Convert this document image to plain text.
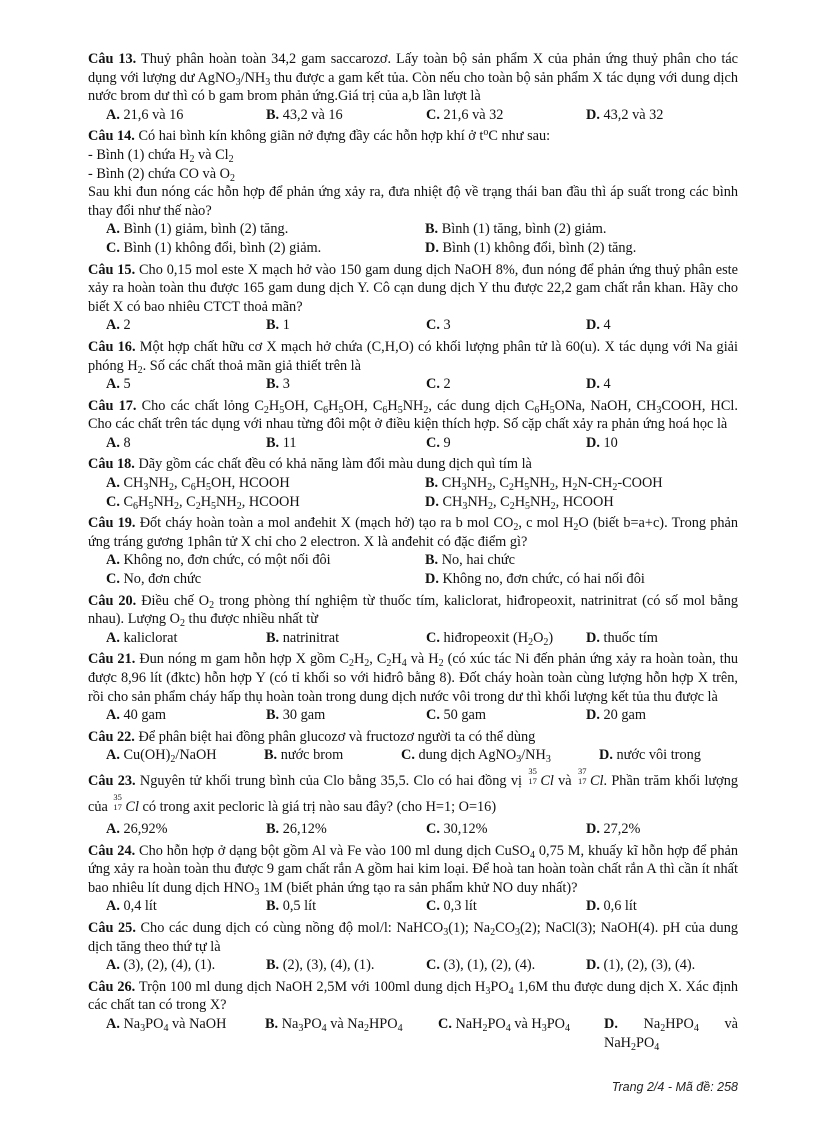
Câu 13. Thuỷ phân hoàn toàn 34,2 gam saccarozơ. Lấy toàn bộ sản phẩm X của phản ứng thuỷ phân cho tác dụng với lượng dư $AgNO_3/NH_3$ thu được a gam kết tủa. Còn nếu cho toàn bộ sản phẩm X tác dụng với dung dịch nước brom dư thì có b gam brom phản ứng.Giá trị của a,b lần lượt là

A. 21,6 và 16	B. 43,2 và 16	C. 21,6 và 32	D. 43,2 và 32

Câu 14. Có hai bình kín không giãn nở đựng đầy các hỗn hợp khí ở $t^oC$ như sau:

- Bình (1) chứa $H_2$ và $Cl_2$

- Bình (2) chứa CO và $O_2$

Sau khi đun nóng các hỗn hợp để phản ứng xảy ra, đưa nhiệt độ về trạng thái ban đầu thì áp suất trong các bình thay đổi như thế nào?

A. Bình (1) giảm, bình (2) tăng.	B. Bình (1) tăng, bình (2) giảm.
C. Bình (1) không đổi, bình (2) giảm.	D. Bình (1) không đổi, bình (2) tăng.

Câu 15. Cho 0,15 mol este X mạch hở vào 150 gam dung dịch NaOH 8%, đun nóng để phản ứng thuỷ phân este xảy ra hoàn toàn thu được 165 gam dung dịch Y. Cô cạn dung dịch Y thu được 22,2 gam chất rắn khan. Hãy cho biết X có bao nhiêu CTCT thoả mãn?

A. 2	B. 1	C. 3	D. 4

Câu 16. Một hợp chất hữu cơ X mạch hở chứa (C,H,O) có khối lượng phân tử là 60(u). X tác dụng với Na giải phóng $H_2$. Số các chất thoả mãn giả thiết trên là

A. 5	B. 3	C. 2	D. 4

Câu 17. Cho các chất lỏng $C_2H_5OH$, $C_6H_5OH$, $C_6H_5NH_2$, các dung dịch $C_6H_5ONa$, NaOH, $CH_3COOH$, HCl. Cho các chất trên tác dụng với nhau từng đôi một ở điều kiện thích hợp. Số cặp chất xảy ra phản ứng hoá học là

A. 8	B. 11	C. 9	D. 10

Câu 18. Dãy gồm các chất đều có khả năng làm đổi màu dung dịch quì tím là

A. $CH_3NH_2$, $C_6H_5OH$, HCOOH	B. $CH_3NH_2$, $C_2H_5NH_2$, $H_2N-CH_2$-COOH
C. $C_6H_5NH_2$, $C_2H_5NH_2$, HCOOH	D. $CH_3NH_2$, $C_2H_5NH_2$, HCOOH

Câu 19. Đốt cháy hoàn toàn a mol anđehit X (mạch hở) tạo ra b mol $CO_2$, c mol $H_2O$ (biết b=a+c). Trong phản ứng tráng gương 1phân tử X chỉ cho 2 electron. X là anđehit có đặc điểm gì?

A. Không no, đơn chức, có một nối đôi	B. No, hai chức
C. No, đơn chức	D. Không no, đơn chức, có hai nối đôi

Câu 20. Điều chế $O_2$ trong phòng thí nghiệm từ thuốc tím, kaliclorat, hiđropeoxit, natrinitrat (có số mol bằng nhau). Lượng $O_2$ thu được nhiều nhất từ

A. kaliclorat	B. natrinitrat	C. hiđropeoxit $(H_2O_2)$	D. thuốc tím

Câu 21. Đun nóng m gam hỗn hợp X gồm $C_2H_2$, $C_2H_4$ và $H_2$ (có xúc tác Ni đến phản ứng xảy ra hoàn toàn, thu được 8,96 lít (đktc) hỗn hợp Y (có tỉ khối so với hiđrô bằng 8). Đốt cháy hoàn toàn cùng lượng hỗn hợp X trên, rồi cho sản phẩm cháy hấp thụ hoàn toàn trong dung dịch nước vôi trong dư thì khối lượng kết tủa thu được là

A. 40 gam	B. 30 gam	C. 50 gam	D. 20 gam

Câu 22. Để phân biệt hai đồng phân glucozơ và fructozơ người ta có thể dùng

A. $Cu(OH)_2$/NaOH	B. nước brom	C. dung dịch $AgNO_3/NH_3$	D. nước vôi trong

Câu 23. Nguyên tử khối trung bình của Clo bằng 35,5. Clo có hai đồng vị
35
17 Cl và
37
17 Cl. Phần trăm khối lượng của
35
17 Cl có trong axit pecloric là giá trị nào sau đây? (cho H=1; O=16)

A. 26,92%	B. 26,12%	C. 30,12%	D. 27,2%

Câu 24. Cho hỗn hợp ở dạng bột gồm Al và Fe vào 100 ml dung dịch CuSO$_4$ 0,75 M, khuấy kĩ hỗn hợp để phản ứng xảy ra hoàn toàn thu được 9 gam chất rắn A gồm hai kim loại. Để hoà tan hoàn toàn chất rắn A thì cần ít nhất bao nhiêu lít dung dịch $HNO_3$ 1M (biết phản ứng tạo ra sản phẩm khử NO duy nhất)?

A. 0,4 lít	B. 0,5 lít	C. 0,3 lít	D. 0,6 lít

Câu 25. Cho các dung dịch có cùng nồng độ mol/l: NaHCO$_3$(1); $Na_2CO_3(2)$; NaCl(3); NaOH(4). pH của dung dịch tăng theo thứ tự là

A. (3), (2), (4), (1).	B. (2), (3), (4), (1).	C. (3), (1), (2), (4).	D. (1), (2), (3), (4).

Câu 26. Trộn 100 ml dung dịch NaOH 2,5M với 100ml dung dịch $H_3PO_4$ 1,6M thu được dung dịch X. Xác định các chất tan có trong X?

A. $Na_3PO_4$ và NaOH	B. $Na_3PO_4$ và $Na_2HPO_4$	C. $NaH_2PO_4$ và $H_3PO_4$	D. $Na_2HPO_4$ và $NaH_2PO_4$
Trang 2/4 - Mã đề: 258
